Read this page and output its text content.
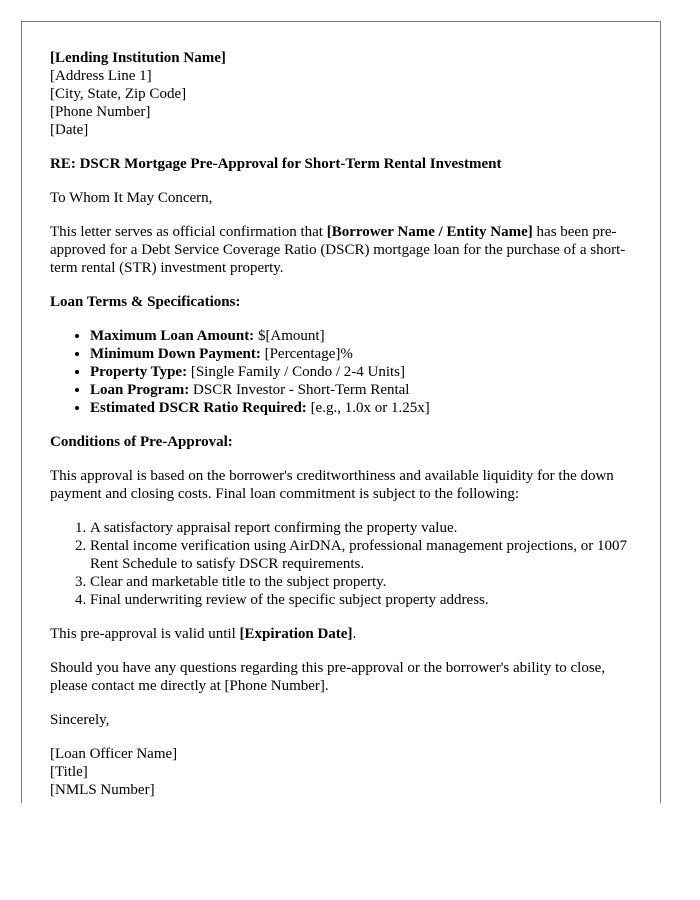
[Lending Institution Name]
[Address Line 1]
[City, State, Zip Code]
[Phone Number]
[Date]

RE: DSCR Mortgage Pre-Approval for Short-Term Rental Investment

To Whom It May Concern,

This letter serves as official confirmation that [Borrower Name / Entity Name] has been pre-approved for a Debt Service Coverage Ratio (DSCR) mortgage loan for the purchase of a short-term rental (STR) investment property.

Loan Terms & Specifications:

• Maximum Loan Amount: $[Amount]
• Minimum Down Payment: [Percentage]%
• Property Type: [Single Family / Condo / 2-4 Units]
• Loan Program: DSCR Investor - Short-Term Rental
• Estimated DSCR Ratio Required: [e.g., 1.0x or 1.25x]

Conditions of Pre-Approval:

This approval is based on the borrower's creditworthiness and available liquidity for the down payment and closing costs. Final loan commitment is subject to the following:

1. A satisfactory appraisal report confirming the property value.
2. Rental income verification using AirDNA, professional management projections, or 1007 Rent Schedule to satisfy DSCR requirements.
3. Clear and marketable title to the subject property.
4. Final underwriting review of the specific subject property address.

This pre-approval is valid until [Expiration Date].

Should you have any questions regarding this pre-approval or the borrower's ability to close, please contact me directly at [Phone Number].

Sincerely,

[Loan Officer Name]
[Title]
[NMLS Number]
